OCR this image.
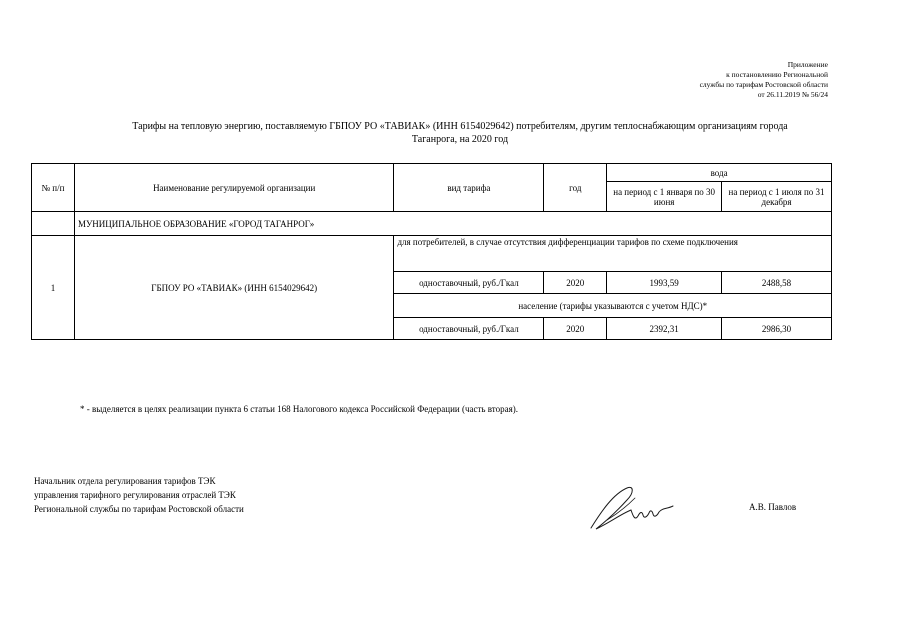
Приложение
к постановлению Региональной
службы по тарифам Ростовской области
от 26.11.2019 № 56/24
Тарифы на тепловую энергию, поставляемую ГБПОУ РО «ТАВИАК» (ИНН 6154029642) потребителям, другим теплоснабжающим организациям города
Таганрога, на 2020 год
№ п/п	Наименование регулируемой организации	вид тарифа	год	вода	
				на период с 1 января по 30 июня	на период с 1 июля по 31 декабря
	МУНИЦИПАЛЬНОЕ ОБРАЗОВАНИЕ «ГОРОД ТАГАНРОГ»				
1	ГБПОУ РО «ТАВИАК» (ИНН 6154029642)	для потребителей, в случае отсутствия дифференциации тарифов по схеме подключения			
		одноставочный, руб./Гкал	2020	1993,59	2488,58
		население (тарифы указываются с учетом НДС)*			
		одноставочный, руб./Гкал	2020	2392,31	2986,30
* - выделяется в целях реализации пункта 6 статьи 168 Налогового кодекса Российской Федерации (часть вторая).
Начальник отдела регулирования тарифов ТЭК
управления тарифного регулирования отраслей ТЭК
Региональной службы по тарифам Ростовской области	А.В. Павлов
